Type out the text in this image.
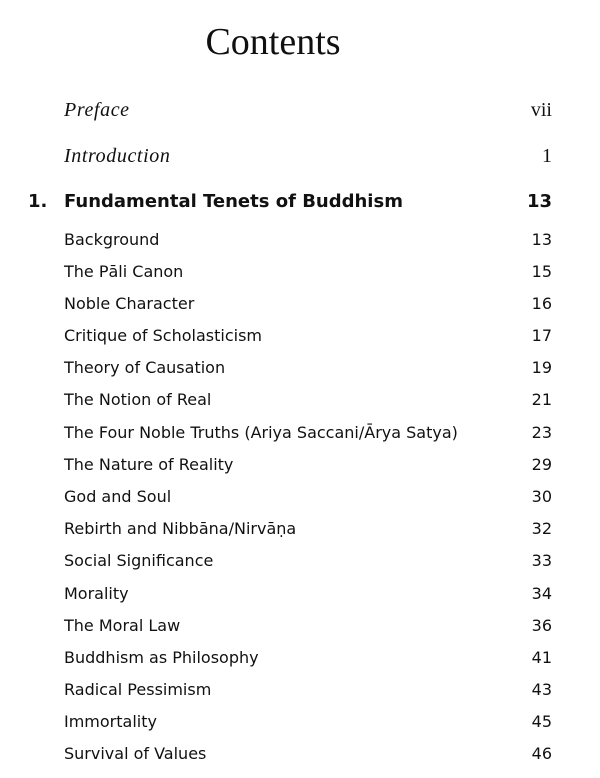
Contents
Preface	vii
Introduction	1
1. Fundamental Tenets of Buddhism	13
Background	13
The Pāli Canon	15
Noble Character	16
Critique of Scholasticism	17
Theory of Causation	19
The Notion of Real	21
The Four Noble Truths (Ariya Saccani/Ārya Satya)	23
The Nature of Reality	29
God and Soul	30
Rebirth and Nibbāna/Nirvāṇa	32
Social Significance	33
Morality	34
The Moral Law	36
Buddhism as Philosophy	41
Radical Pessimism	43
Immortality	45
Survival of Values	46
